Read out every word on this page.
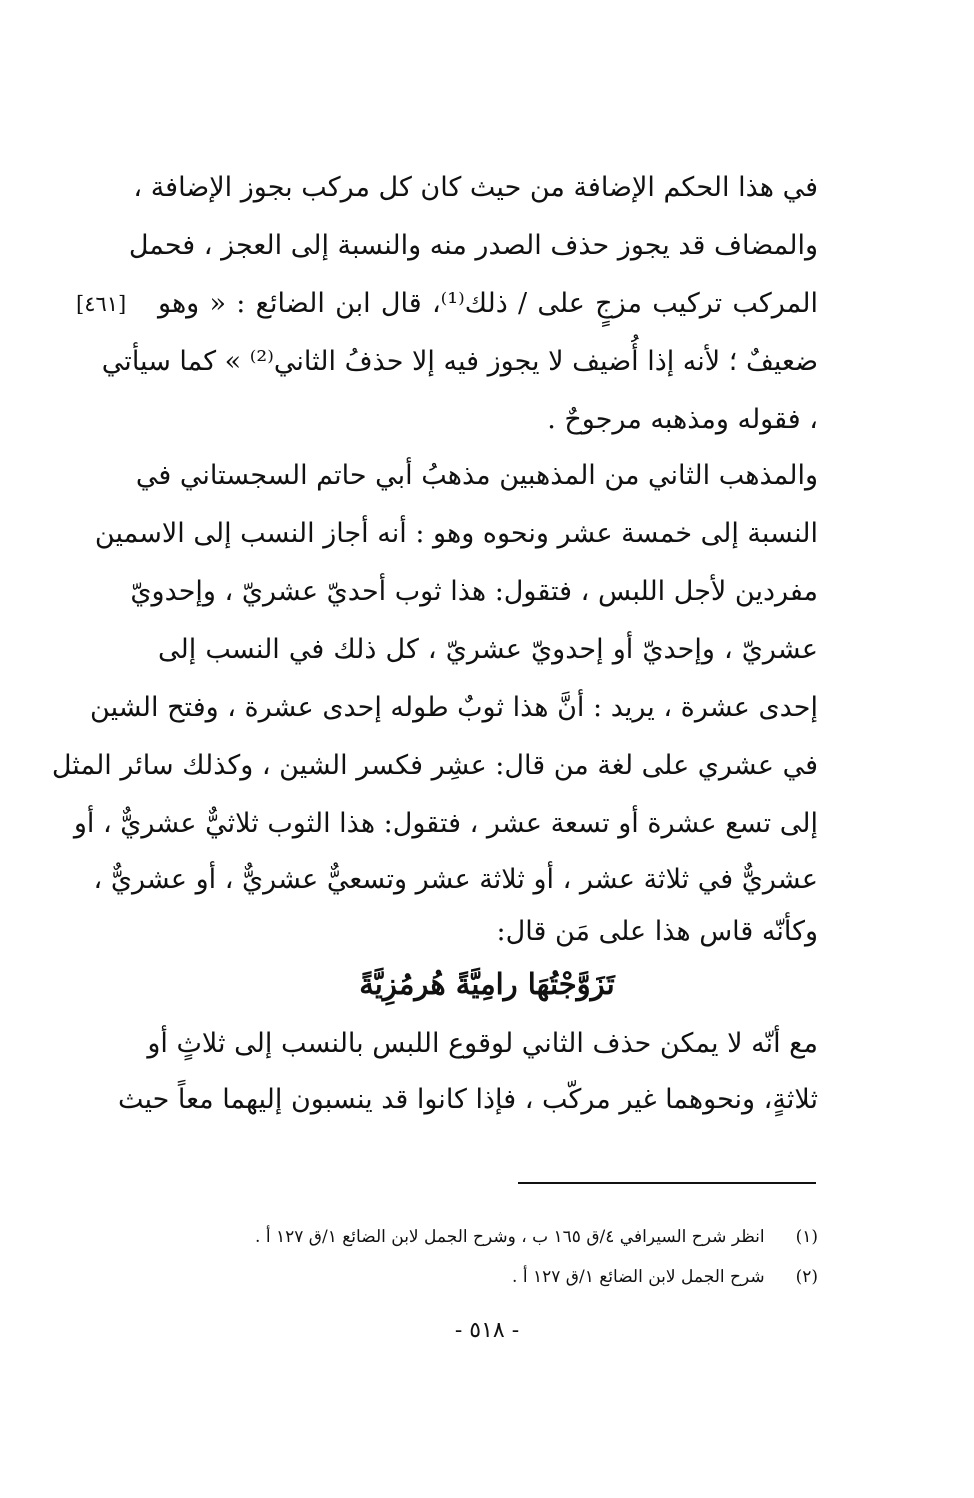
في هذا الحكم الإضافة من حيث كان كل مركب بجوز الإضافة ،
والمضاف قد يجوز حذف الصدر منه والنسبة إلى العجز ، فحمل
المركب تركيب مزجٍ على / ذلك⁽¹⁾، قال ابن الضائع : « وهو
ضعيفٌ ؛ لأنه إذا أُضيف لا يجوز فيه إلا حذفُ الثاني⁽²⁾ » كما سيأتي
، فقوله ومذهبه مرجوحٌ .
[٤٦١]
والمذهب الثاني من المذهبين مذهبُ أبي حاتم السجستاني في
النسبة إلى خمسة عشر ونحوه وهو : أنه أجاز النسب إلى الاسمين
مفردين لأجل اللبس ، فتقول: هذا ثوب أحديّ عشريّ ، وإحدويّ
عشريّ ، وإحديّ أو إحدويّ عشريّ ، كل ذلك في النسب إلى
إحدى عشرة ، يريد : أنَّ هذا ثوبٌ طوله إحدى عشرة ، وفتح الشين
في عشري على لغة من قال: عشِر فكسر الشين ، وكذلك سائر المثل
إلى تسع عشرة أو تسعة عشر ، فتقول: هذا الثوب ثلاثيٌّ عشريٌّ ، أو
عشريٌّ في ثلاثة عشر ، أو ثلاثة عشر وتسعيٌّ عشريٌّ ، أو عشريٌّ ،
وكأنّه قاس هذا على مَن قال:
تَزَوَّجْتُهَا رامِيَّةً هُرمُزِيَّةً
مع أنّه لا يمكن حذف الثاني لوقوع اللبس بالنسب إلى ثلاثٍ أو
ثلاثةٍ، ونحوهما غير مركّب ، فإذا كانوا قد ينسبون إليهما معاً حيث
(١) انظر شرح السيرافي ٤/ق ١٦٥ ب ، وشرح الجمل لابن الضائع ١/ق ١٢٧ أ .
(٢) شرح الجمل لابن الضائع ١/ق ١٢٧ أ .
- ٥١٨ -
